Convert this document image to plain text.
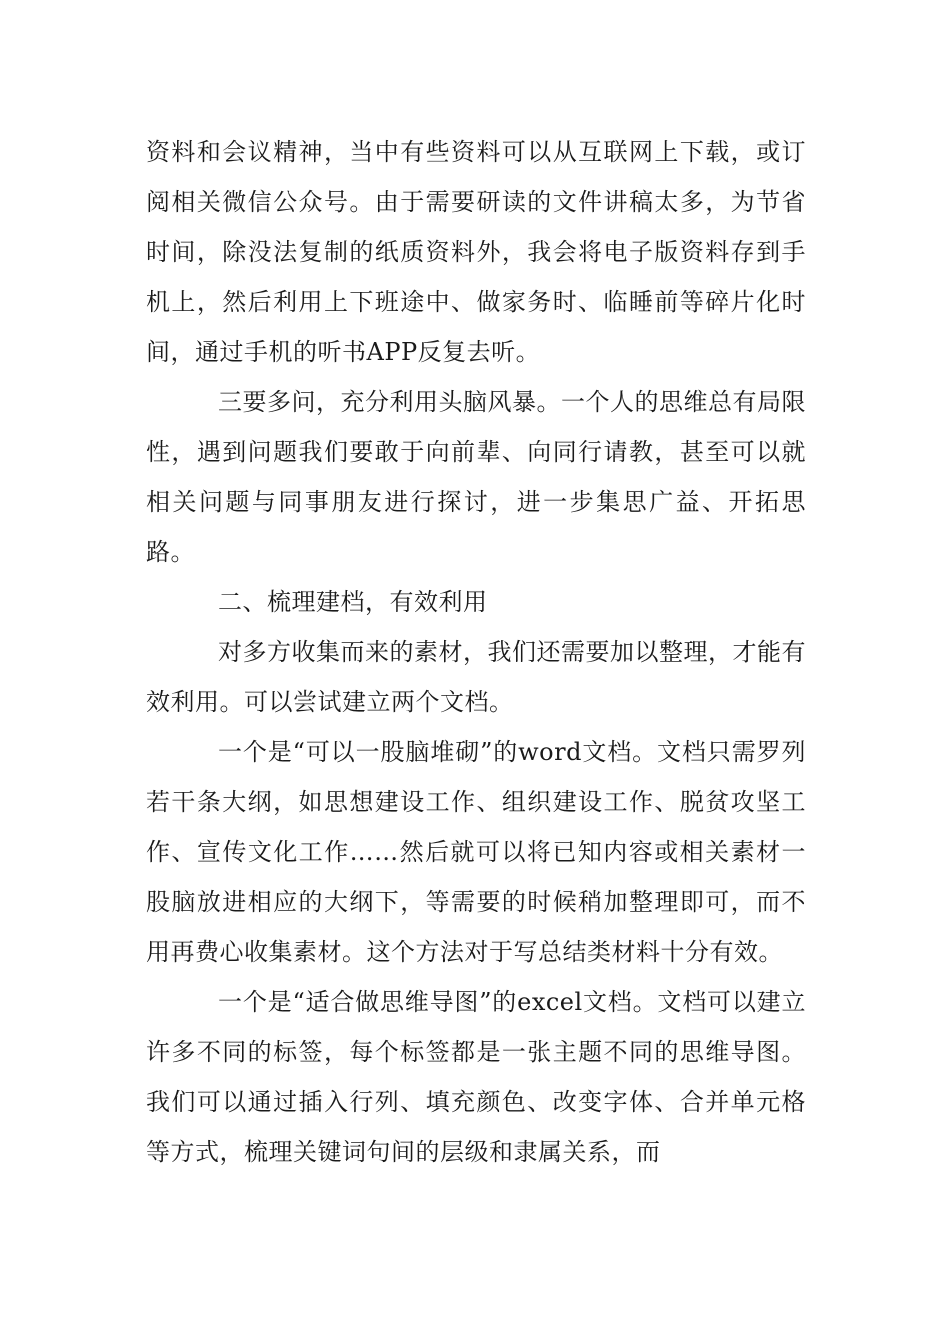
资料和会议精神，当中有些资料可以从互联网上下载，或订阅相关微信公众号。由于需要研读的文件讲稿太多，为节省时间，除没法复制的纸质资料外，我会将电子版资料存到手机上，然后利用上下班途中、做家务时、临睡前等碎片化时间，通过手机的听书APP反复去听。

三要多问，充分利用头脑风暴。一个人的思维总有局限性，遇到问题我们要敢于向前辈、向同行请教，甚至可以就相关问题与同事朋友进行探讨，进一步集思广益、开拓思路。

二、梳理建档，有效利用

对多方收集而来的素材，我们还需要加以整理，才能有效利用。可以尝试建立两个文档。

一个是“可以一股脑堆砌”的word文档。文档只需罗列若干条大纲，如思想建设工作、组织建设工作、脱贫攻坚工作、宣传文化工作……然后就可以将已知内容或相关素材一股脑放进相应的大纲下，等需要的时候稍加整理即可，而不用再费心收集素材。这个方法对于写总结类材料十分有效。

一个是“适合做思维导图”的excel文档。文档可以建立许多不同的标签，每个标签都是一张主题不同的思维导图。我们可以通过插入行列、填充颜色、改变字体、合并单元格等方式，梳理关键词句间的层级和隶属关系，而
